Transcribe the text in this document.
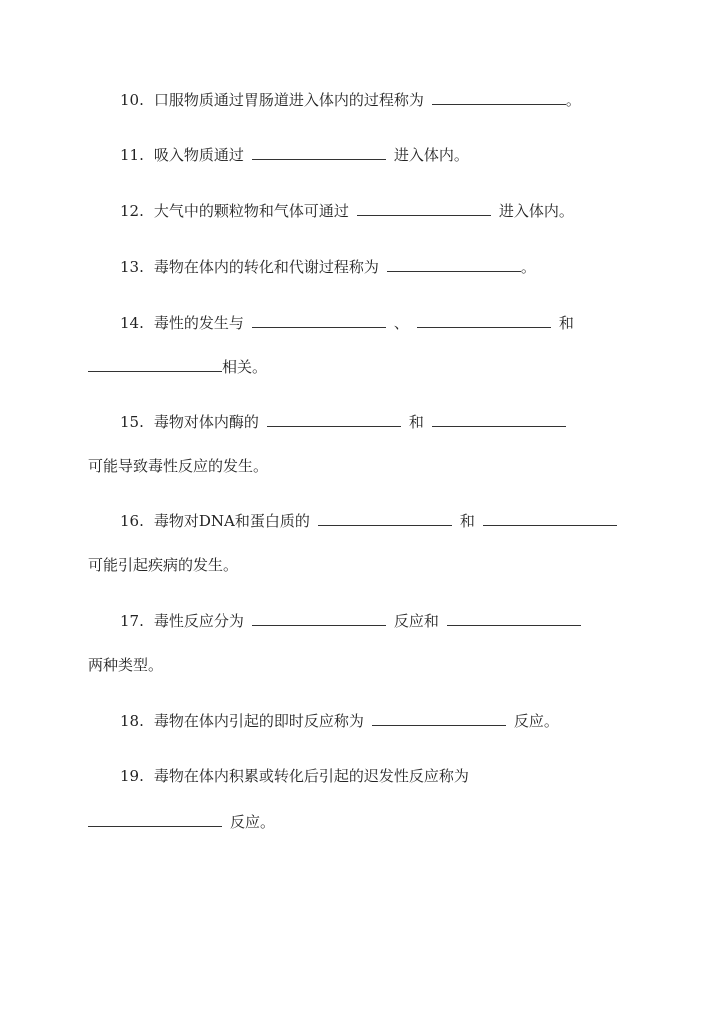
10. 口服物质通过胃肠道进入体内的过程称为	。
11. 吸入物质通过	进入体内。
12. 大气中的颗粒物和气体可通过	进入体内。
13. 毒物在体内的转化和代谢过程称为	。
14. 毒性的发生与	、	和
相关。
15. 毒物对体内酶的	和
可能导致毒性反应的发生。
16. 毒物对DNA和蛋白质的	和
可能引起疾病的发生。
17. 毒性反应分为	反应和
两种类型。
18. 毒物在体内引起的即时反应称为	反应。
19. 毒物在体内积累或转化后引起的迟发性反应称为
反应。
